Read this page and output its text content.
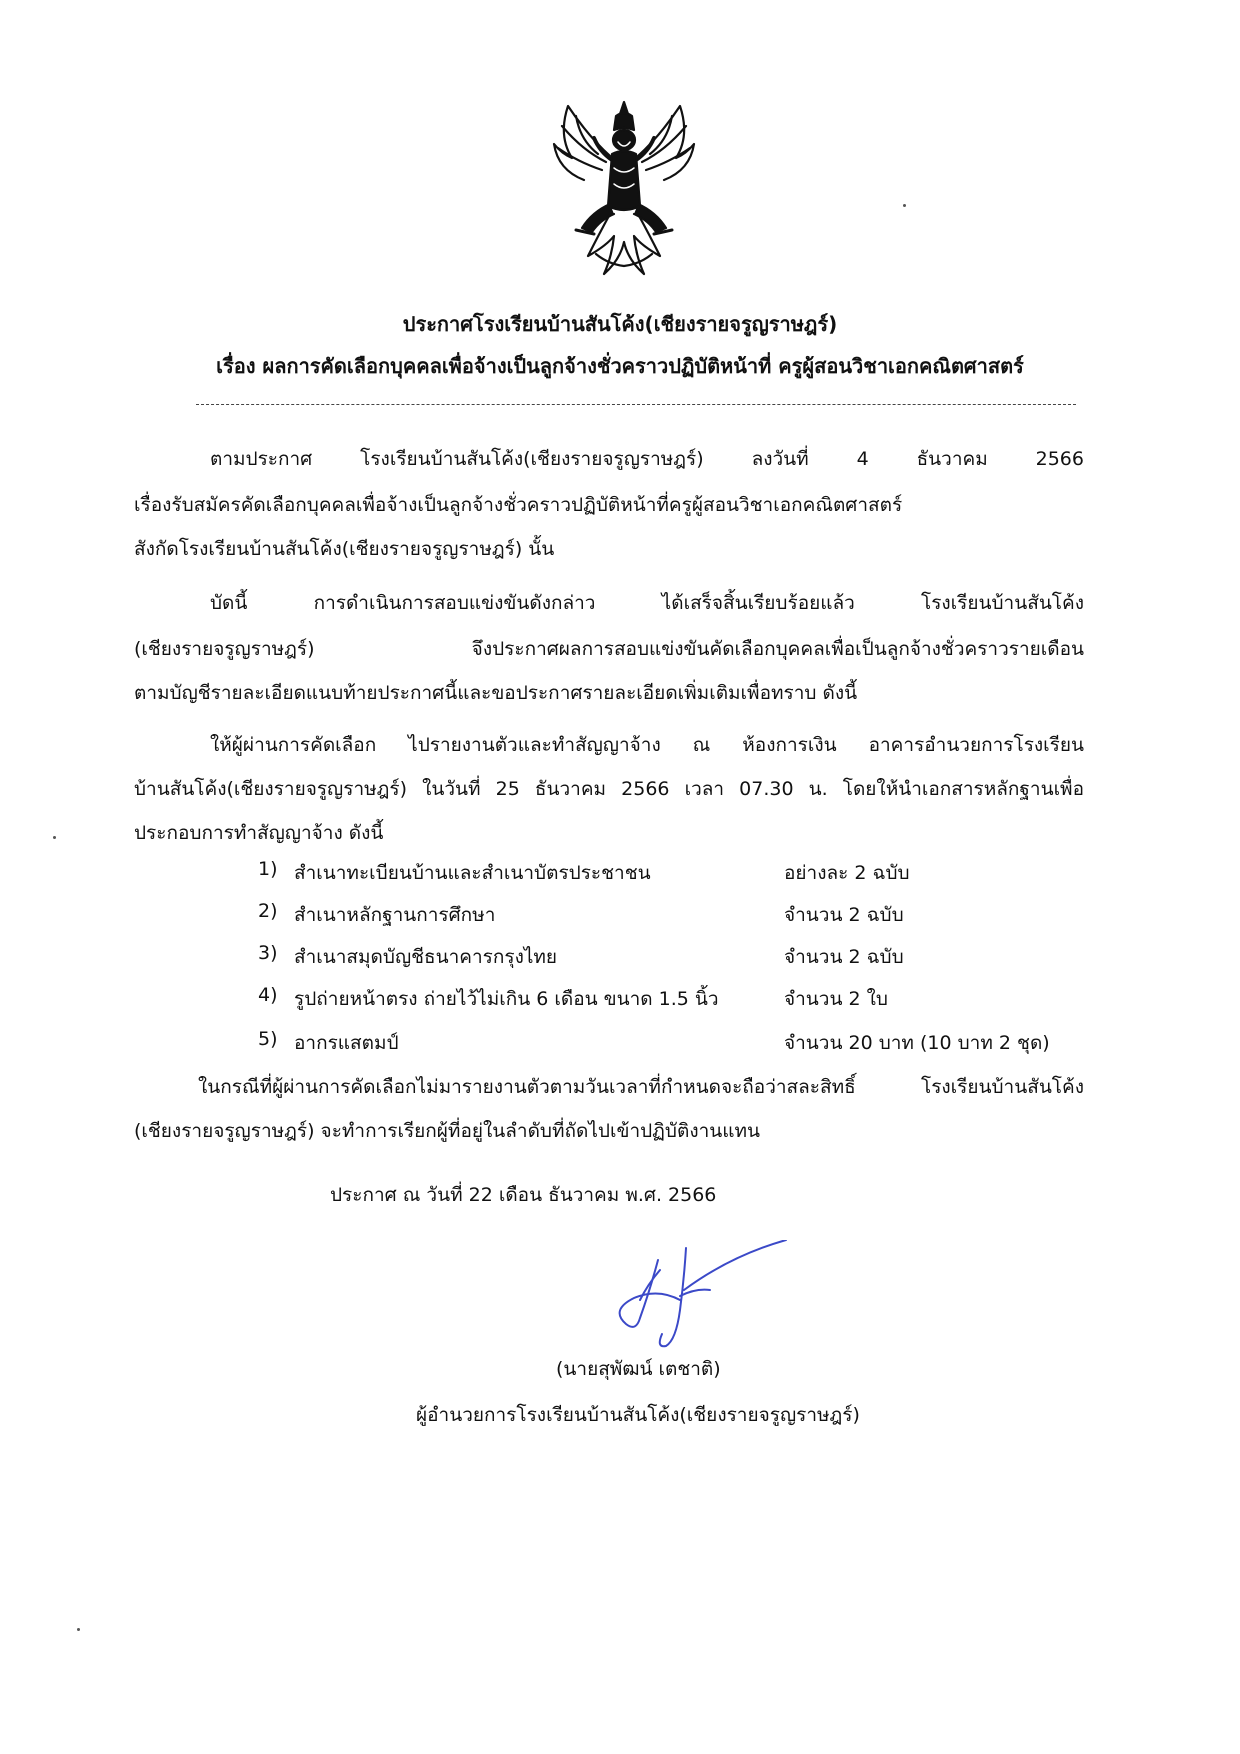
ประกาศโรงเรียนบ้านสันโค้ง(เชียงรายจรูญราษฎร์)
เรื่อง ผลการคัดเลือกบุคคลเพื่อจ้างเป็นลูกจ้างชั่วคราวปฏิบัติหน้าที่ ครูผู้สอนวิชาเอกคณิตศาสตร์
ตามประกาศ โรงเรียนบ้านสันโค้ง(เชียงรายจรูญราษฎร์) ลงวันที่ 4 ธันวาคม 2566
เรื่องรับสมัครคัดเลือกบุคคลเพื่อจ้างเป็นลูกจ้างชั่วคราวปฏิบัติหน้าที่ครูผู้สอนวิชาเอกคณิตศาสตร์
สังกัดโรงเรียนบ้านสันโค้ง(เชียงรายจรูญราษฎร์) นั้น
บัดนี้ การดำเนินการสอบแข่งขันดังกล่าว ได้เสร็จสิ้นเรียบร้อยแล้ว โรงเรียนบ้านสันโค้ง
(เชียงรายจรูญราษฎร์) จึงประกาศผลการสอบแข่งขันคัดเลือกบุคคลเพื่อเป็นลูกจ้างชั่วคราวรายเดือน
ตามบัญชีรายละเอียดแนบท้ายประกาศนี้และขอประกาศรายละเอียดเพิ่มเติมเพื่อทราบ ดังนี้
ให้ผู้ผ่านการคัดเลือก ไปรายงานตัวและทำสัญญาจ้าง ณ ห้องการเงิน อาคารอำนวยการโรงเรียน
บ้านสันโค้ง(เชียงรายจรูญราษฎร์) ในวันที่ 25 ธันวาคม 2566 เวลา 07.30 น. โดยให้นำเอกสารหลักฐานเพื่อ
ประกอบการทำสัญญาจ้าง ดังนี้
1) สำเนาทะเบียนบ้านและสำเนาบัตรประชาชน	อย่างละ 2 ฉบับ
2) สำเนาหลักฐานการศึกษา	จำนวน 2 ฉบับ
3) สำเนาสมุดบัญชีธนาคารกรุงไทย	จำนวน 2 ฉบับ
4) รูปถ่ายหน้าตรง ถ่ายไว้ไม่เกิน 6 เดือน ขนาด 1.5 นิ้ว	จำนวน 2 ใบ
5) อากรแสตมป์	จำนวน 20 บาท (10 บาท 2 ชุด)
ในกรณีที่ผู้ผ่านการคัดเลือกไม่มารายงานตัวตามวันเวลาที่กำหนดจะถือว่าสละสิทธิ์ โรงเรียนบ้านสันโค้ง
(เชียงรายจรูญราษฎร์) จะทำการเรียกผู้ที่อยู่ในลำดับที่ถัดไปเข้าปฏิบัติงานแทน
ประกาศ ณ วันที่ 22 เดือน ธันวาคม พ.ศ. 2566
(นายสุพัฒน์ เตชาติ)
ผู้อำนวยการโรงเรียนบ้านสันโค้ง(เชียงรายจรูญราษฎร์)
